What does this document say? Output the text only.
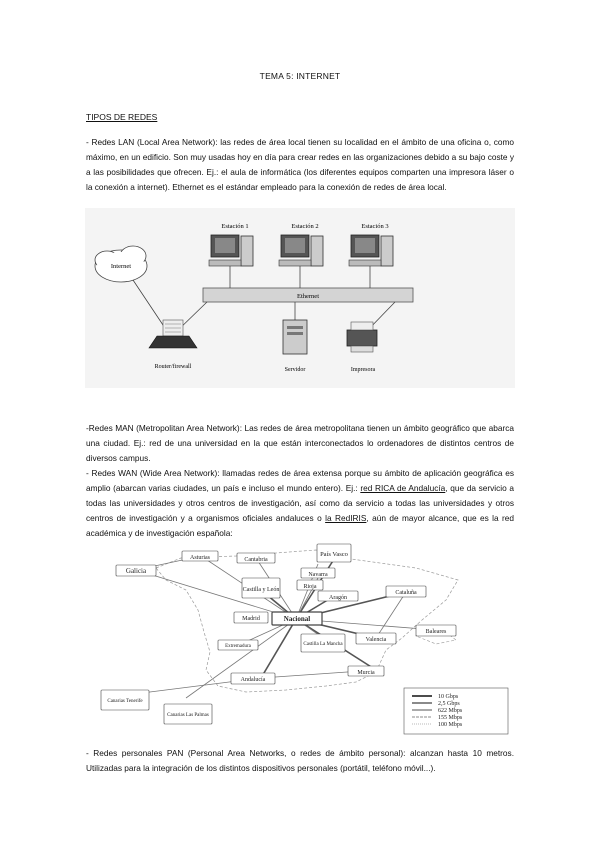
TEMA 5: INTERNET
TIPOS DE REDES

- Redes LAN (Local Area Network): las redes de área local tienen su localidad en el ámbito de una oficina o, como máximo, en un edificio. Son muy usadas hoy en día para crear redes en las organizaciones debido a su bajo coste y a las posibilidades que ofrecen. Ej.: el aula de informática (los diferentes equipos comparten una impresora láser o la conexión a internet). Ethernet es el estándar empleado para la conexión de redes de área local.

Internet
Ethernet
Estación 1	Estación 2	Estación 3
Router/firewall	Servidor	Impresora

-Redes MAN (Metropolitan Area Network): Las redes de área metropolitana tienen un ámbito geográfico que abarca una ciudad. Ej.: red de una universidad en la que están interconectados lo ordenadores de distintos centros de diversos campus.

- Redes WAN (Wide Area Network): llamadas redes de área extensa porque su ámbito de aplicación geográfica es amplio (abarcan varias ciudades, un país e incluso el mundo entero). Ej.: red RICA de Andalucía, que da servicio a todas las universidades y otros centros de investigación, así como da servicio a todas las universidades y otros centros de investigación y a organismos oficiales andaluces o la RedIRIS, aún de mayor alcance, que es la red académica y de investigación española:

Asturias	Cantabria
País Vasco
Galicia	Navarra
Castilla y León	Rioja
Aragón
Cataluña
Madrid	Nacional
Valencia
Baleares
Extremadura	Castilla La Mancha
Murcia
Andalucía
Canarias Tenerife
Canarias Las Palmas
10 Gbps
2,5 Gbps
622 Mbps
155 Mbps
100 Mbps

- Redes personales PAN (Personal Area Networks, o redes de ámbito personal): alcanzan hasta 10 metros. Utilizadas para la integración de los distintos dispositivos personales (portátil, teléfono móvil...).
